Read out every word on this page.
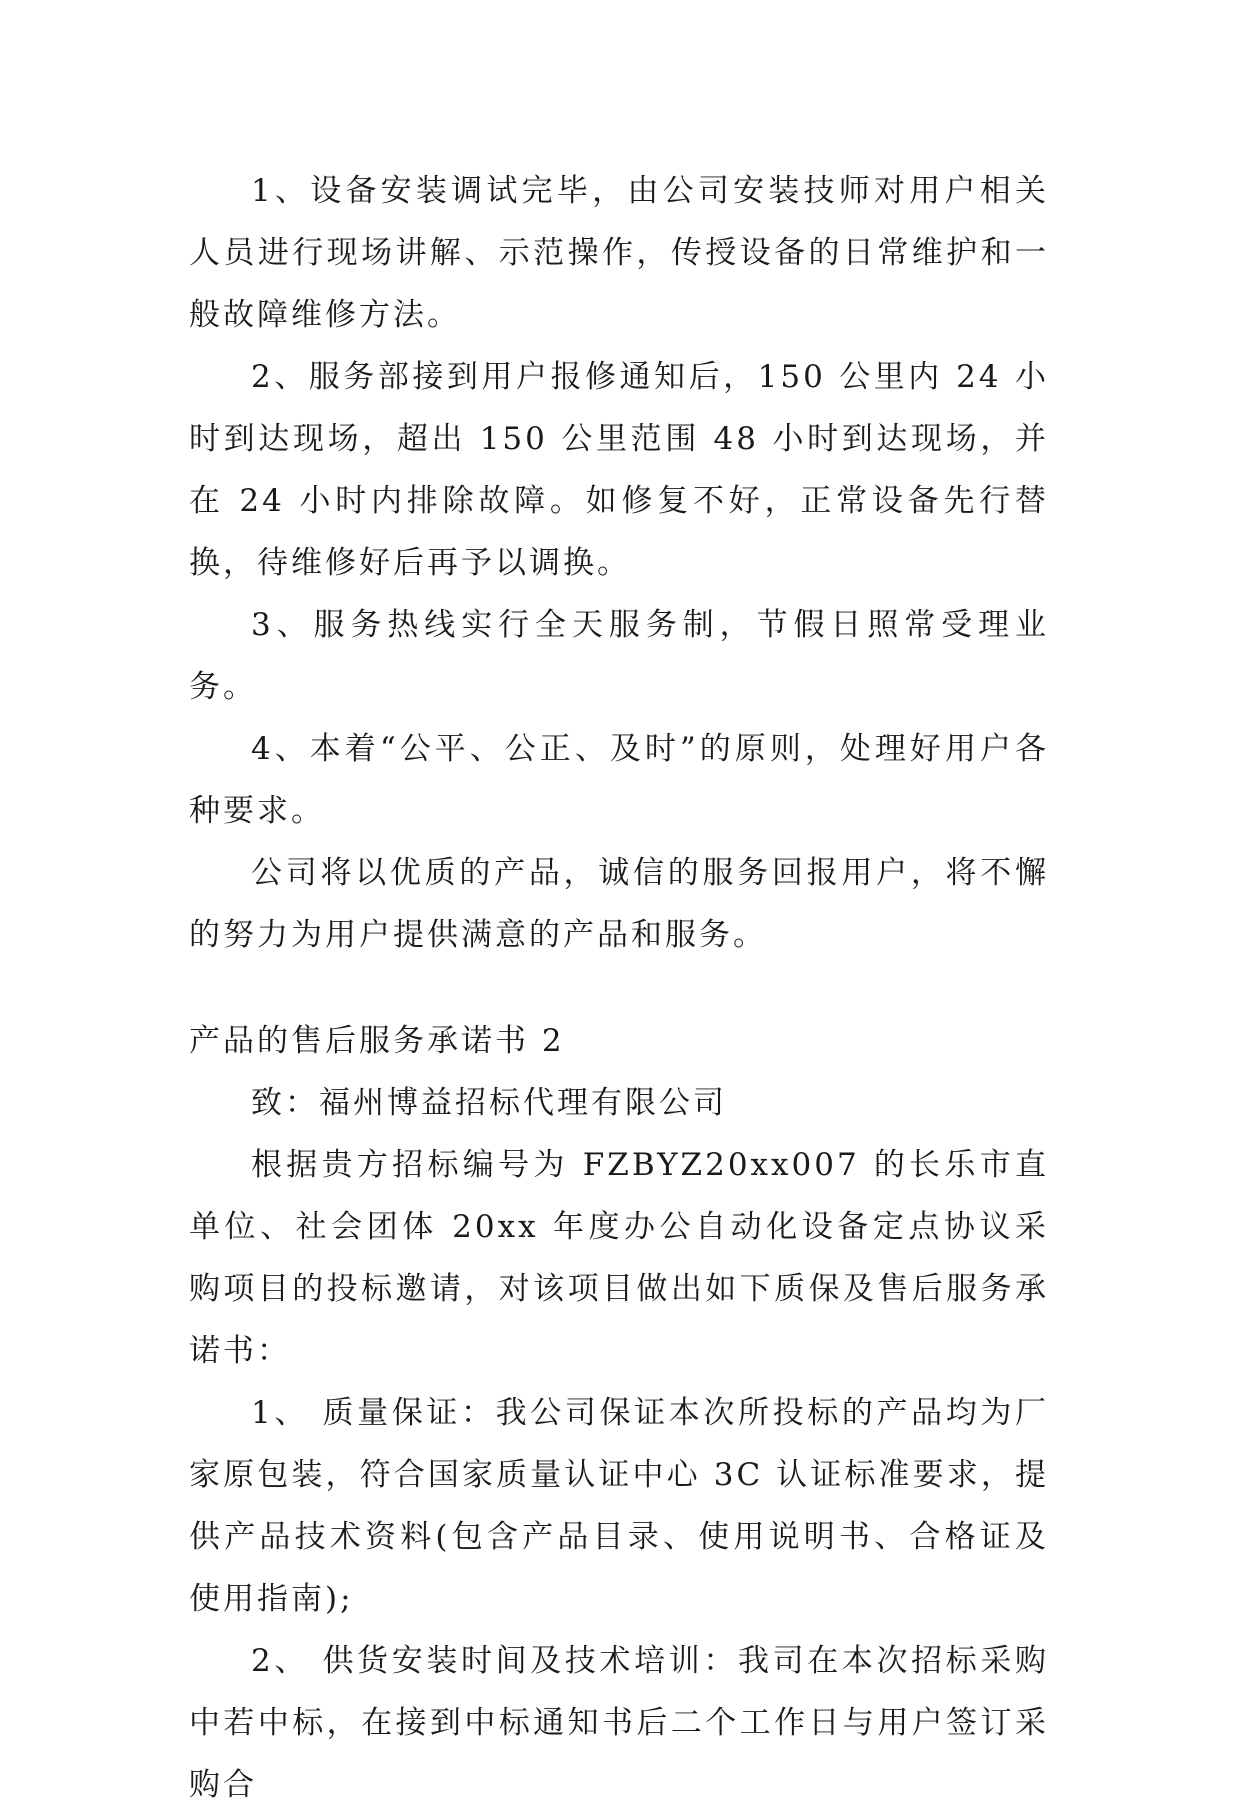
1、设备安装调试完毕，由公司安装技师对用户相关人员进行现场讲解、示范操作，传授设备的日常维护和一般故障维修方法。

2、服务部接到用户报修通知后，150 公里内 24 小时到达现场，超出 150 公里范围 48 小时到达现场，并在 24 小时内排除故障。如修复不好，正常设备先行替换，待维修好后再予以调换。

3、服务热线实行全天服务制，节假日照常受理业务。

4、本着“公平、公正、及时”的原则，处理好用户各种要求。

公司将以优质的产品，诚信的服务回报用户，将不懈的努力为用户提供满意的产品和服务。

产品的售后服务承诺书 2

致：福州博益招标代理有限公司

根据贵方招标编号为 FZBYZ20xx007 的长乐市直单位、社会团体 20xx 年度办公自动化设备定点协议采购项目的投标邀请，对该项目做出如下质保及售后服务承诺书：

1、 质量保证：我公司保证本次所投标的产品均为厂家原包装，符合国家质量认证中心 3C 认证标准要求，提供产品技术资料(包含产品目录、使用说明书、合格证及使用指南);

2、 供货安装时间及技术培训：我司在本次招标采购中若中标，在接到中标通知书后二个工作日与用户签订采购合
